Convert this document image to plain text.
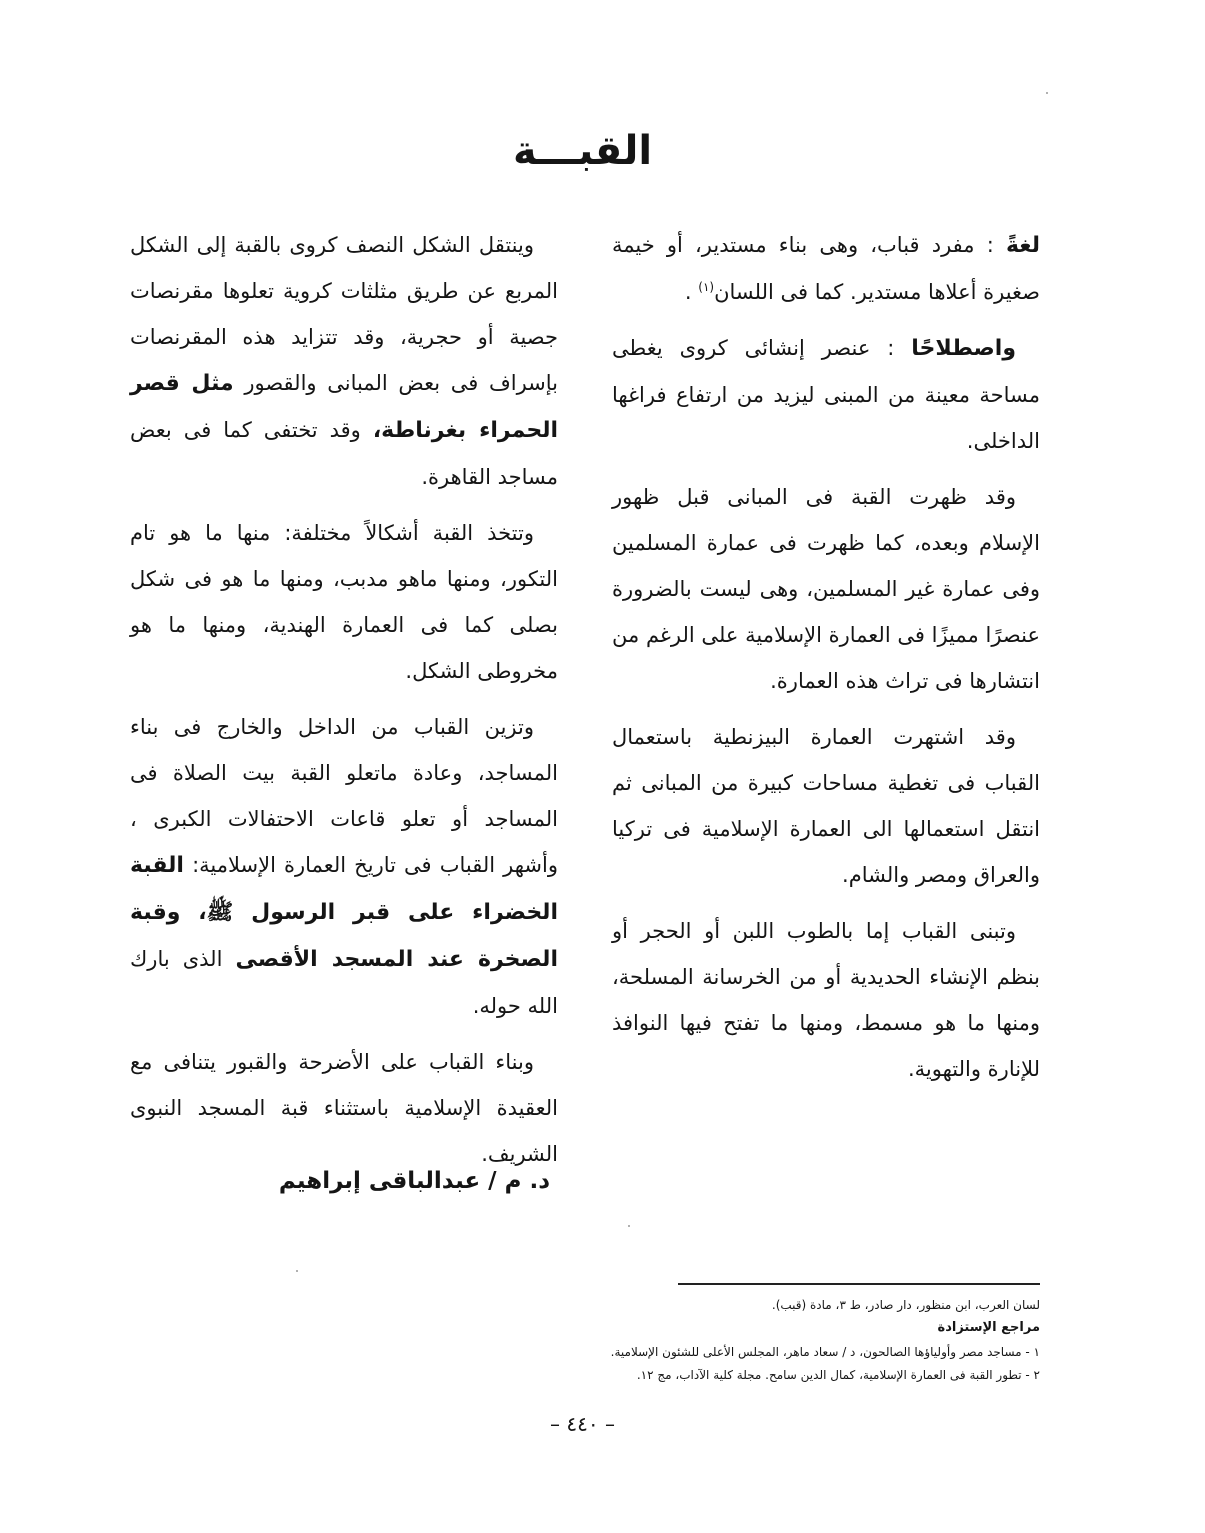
القبـــة

لغةً : مفرد قباب، وهى بناء مستدير، أو خيمة صغيرة أعلاها مستدير. كما فى اللسان$^{(١)}$ .

واصطلاحًا : عنصر إنشائى كروى يغطى مساحة معينة من المبنى ليزيد من ارتفاع فراغها الداخلى.

وقد ظهرت القبة فى المبانى قبل ظهور الإسلام وبعده، كما ظهرت فى عمارة المسلمين وفى عمارة غير المسلمين، وهى ليست بالضرورة عنصرًا مميزًا فى العمارة الإسلامية على الرغم من انتشارها فى تراث هذه العمارة.

وقد اشتهرت العمارة البيزنطية باستعمال القباب فى تغطية مساحات كبيرة من المبانى ثم انتقل استعمالها الى العمارة الإسلامية فى تركيا والعراق ومصر والشام.

وتبنى القباب إما بالطوب اللبن أو الحجر أو بنظم الإنشاء الحديدية أو من الخرسانة المسلحة، ومنها ما هو مسمط، ومنها ما تفتح فيها النوافذ للإنارة والتهوية.

وينتقل الشكل النصف كروى بالقبة إلى الشكل المربع عن طريق مثلثات كروية تعلوها مقرنصات جصية أو حجرية، وقد تتزايد هذه المقرنصات بإسراف فى بعض المبانى والقصور مثل قصر الحمراء بغرناطة، وقد تختفى كما فى بعض مساجد القاهرة.

وتتخذ القبة أشكالاً مختلفة: منها ما هو تام التكور، ومنها ماهو مدبب، ومنها ما هو فى شكل بصلى كما فى العمارة الهندية، ومنها ما هو مخروطى الشكل.

وتزين القباب من الداخل والخارج فى بناء المساجد، وعادة ماتعلو القبة بيت الصلاة فى المساجد أو تعلو قاعات الاحتفالات الكبرى ، وأشهر القباب فى تاريخ العمارة الإسلامية: القبة الخضراء على قبر الرسول ﷺ، وقبة الصخرة عند المسجد الأقصى الذى بارك الله حوله.

وبناء القباب على الأضرحة والقبور يتنافى مع العقيدة الإسلامية باستثناء قبة المسجد النبوى الشريف.

د. م / عبدالباقى إبراهيم
لسان العرب، ابن منظور، دار صادر، ط ٣، مادة (قبب).
مراجع الإستزادة
١ - مساجد مصر وأولياؤها الصالحون، د / سعاد ماهر، المجلس الأعلى للشئون الإسلامية.
٢ - تطور القبة فى العمارة الإسلامية، كمال الدين سامح. مجلة كلية الآداب، مج ١٢.
– ٤٤٠ –
